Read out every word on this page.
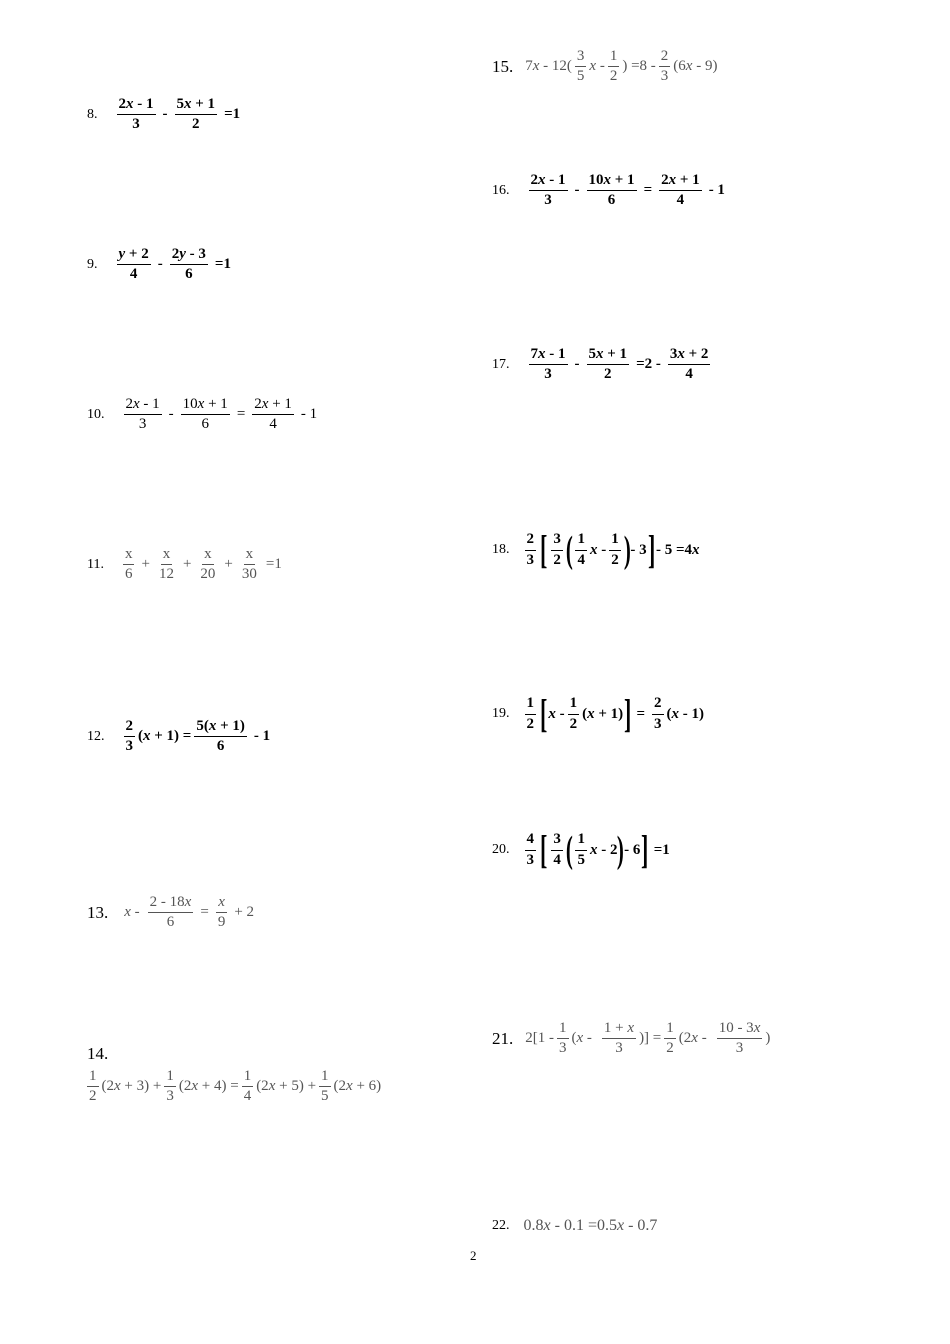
8. $\frac{2x - 1}{3} - \frac{5x + 1}{2} =1$
9. $\frac{y + 2}{4} - \frac{2y - 3}{6} =1$
10. $\frac{2x - 1}{3} - \frac{10x + 1}{6} = \frac{2x + 1}{4} - 1$
11. $\frac{x}{6} + \frac{x}{12} + \frac{x}{20} + \frac{x}{30} =1$
12. $\frac{2}{3} (x + 1) = \frac{5(x + 1)}{6} - 1$
13. $x - \frac{2 - 18x}{6} = \frac{x}{9} + 2$
14.
$\frac{1}{2} (2x + 3) + \frac{1}{3} (2x + 4) = \frac{1}{4} (2x + 5) + \frac{1}{5} (2x + 6)$
15. $7x - 12( \frac{3}{5}$ x - $\frac{1}{2}$ ) $=8 - \frac{2}{3} (6x - 9)$
16. $\frac{2x - 1}{3} - \frac{10x + 1}{6} = \frac{2x + 1}{4} - 1$
17. $\frac{7x - 1}{3} - \frac{5x + 1}{2} =2 - \frac{3x + 2}{4}$
18. $\frac{2}{3}$ [ $\frac{3}{2}$ ( $\frac{1}{4}$ x - $\frac{1}{2}$ ) - 3 ] - 5 =4x
19. $\frac{1}{2}$ [ $x - \frac{1}{2} (x + 1)$ ] = $\frac{2}{3} (x - 1)$
20. $\frac{4}{3}$ [ $\frac{3}{4}$ ( $\frac{1}{5}$ x - 2 ) - 6 ] =1
21. $2[1 - \frac{1}{3} (x - \frac{1 + x}{3}$ )] = $\frac{1}{2} (2x - \frac{10 - 3x}{3}$ )
22. 0.8x - 0.1 =0.5x - 0.7
2
